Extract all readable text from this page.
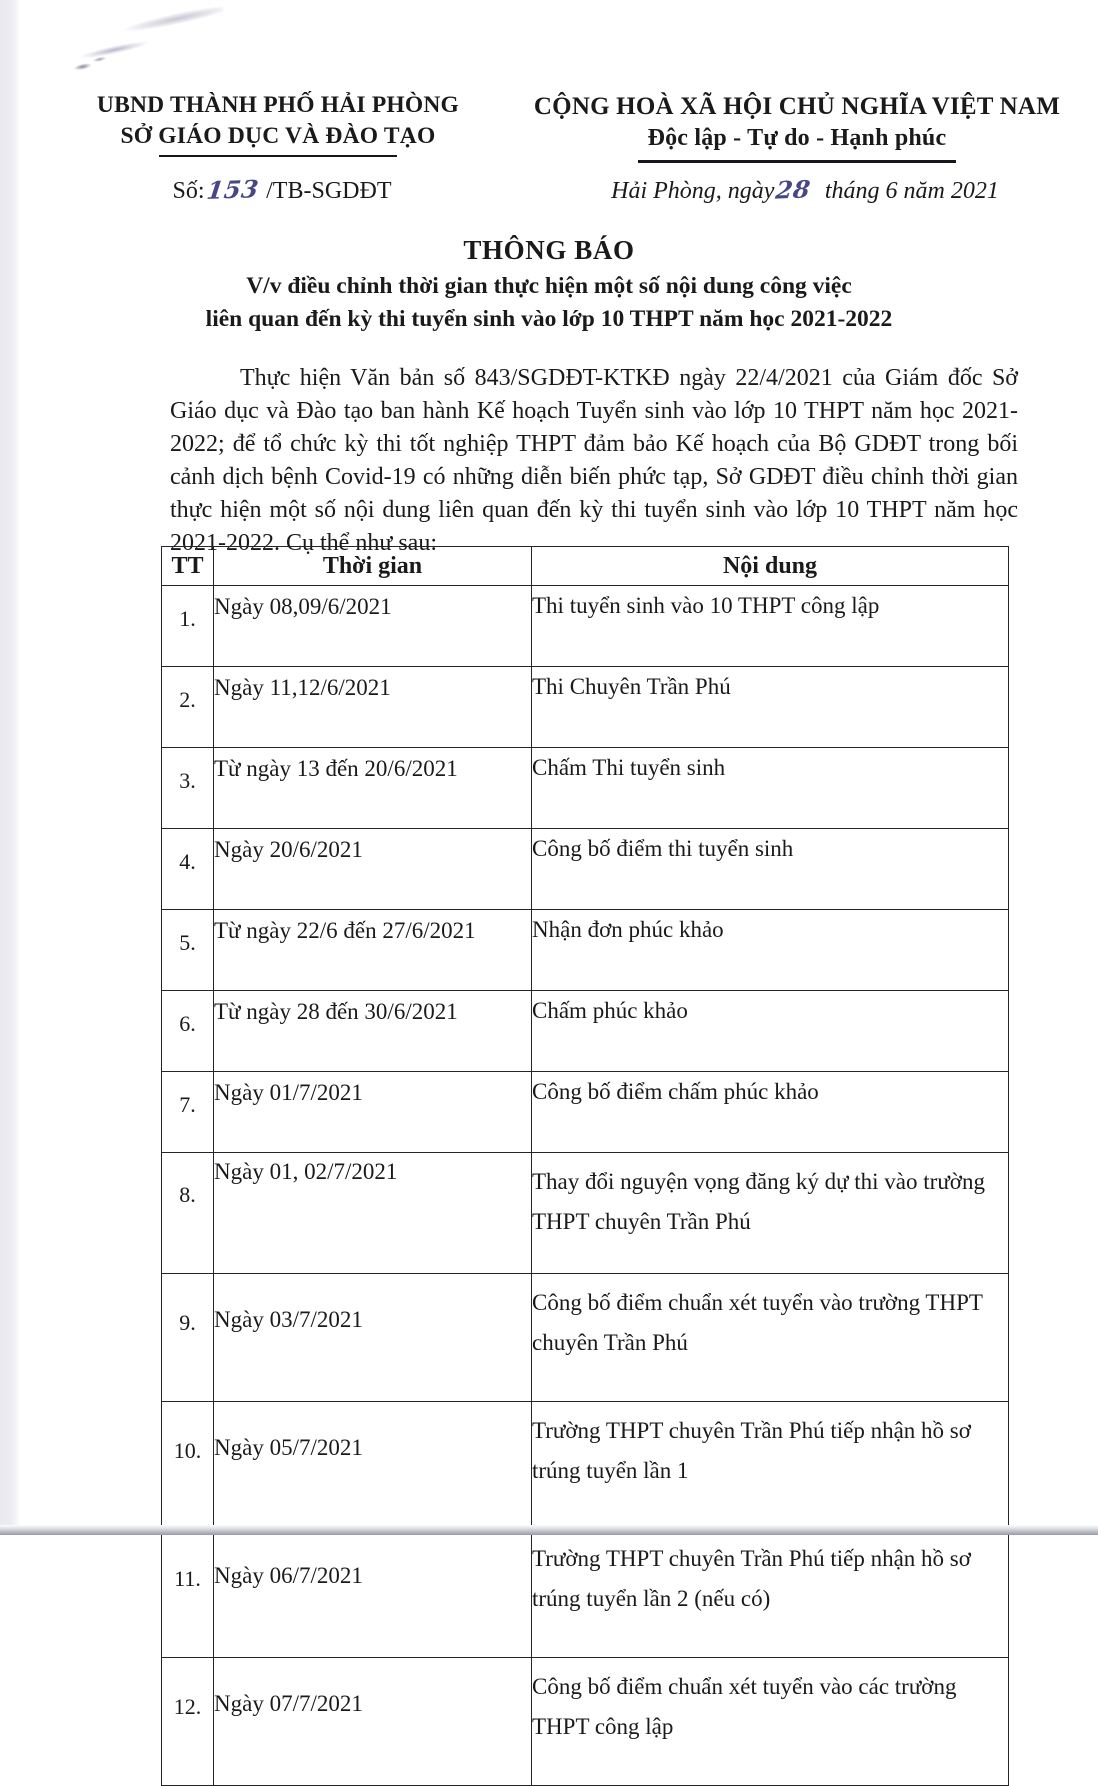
UBND THÀNH PHỐ HẢI PHÒNG
SỞ GIÁO DỤC VÀ ĐÀO TẠO
CỘNG HOÀ XÃ HỘI CHỦ NGHĨA VIỆT NAM
Độc lập - Tự do - Hạnh phúc
Số:153 /TB-SGDĐT	Hải Phòng, ngày28 tháng 6 năm 2021
THÔNG BÁO
V/v điều chỉnh thời gian thực hiện một số nội dung công việc
liên quan đến kỳ thi tuyển sinh vào lớp 10 THPT năm học 2021-2022
Thực hiện Văn bản số 843/SGDĐT-KTKĐ ngày 22/4/2021 của Giám đốc Sở Giáo dục và Đào tạo ban hành Kế hoạch Tuyển sinh vào lớp 10 THPT năm học 2021-2022; để tổ chức kỳ thi tốt nghiệp THPT đảm bảo Kế hoạch của Bộ GDĐT trong bối cảnh dịch bệnh Covid-19 có những diễn biến phức tạp, Sở GDĐT điều chỉnh thời gian thực hiện một số nội dung liên quan đến kỳ thi tuyển sinh vào lớp 10 THPT năm học 2021-2022. Cụ thể như sau:
TT	Thời gian	Nội dung
1.	Ngày 08,09/6/2021	Thi tuyển sinh vào 10 THPT công lập
2.	Ngày 11,12/6/2021	Thi Chuyên Trần Phú
3.	Từ ngày 13 đến 20/6/2021	Chấm Thi tuyển sinh
4.	Ngày 20/6/2021	Công bố điểm thi tuyển sinh
5.	Từ ngày 22/6 đến 27/6/2021	Nhận đơn phúc khảo
6.	Từ ngày 28 đến 30/6/2021	Chấm phúc khảo
7.	Ngày 01/7/2021	Công bố điểm chấm phúc khảo
8.	Ngày 01, 02/7/2021	Thay đổi nguyện vọng đăng ký dự thi vào trường THPT chuyên Trần Phú
9.	Ngày 03/7/2021	Công bố điểm chuẩn xét tuyển vào trường THPT chuyên Trần Phú
10.	Ngày 05/7/2021	Trường THPT chuyên Trần Phú tiếp nhận hồ sơ trúng tuyển lần 1
11.	Ngày 06/7/2021	Trường THPT chuyên Trần Phú tiếp nhận hồ sơ trúng tuyển lần 2 (nếu có)
12.	Ngày 07/7/2021	Công bố điểm chuẩn xét tuyển vào các trường THPT công lập
